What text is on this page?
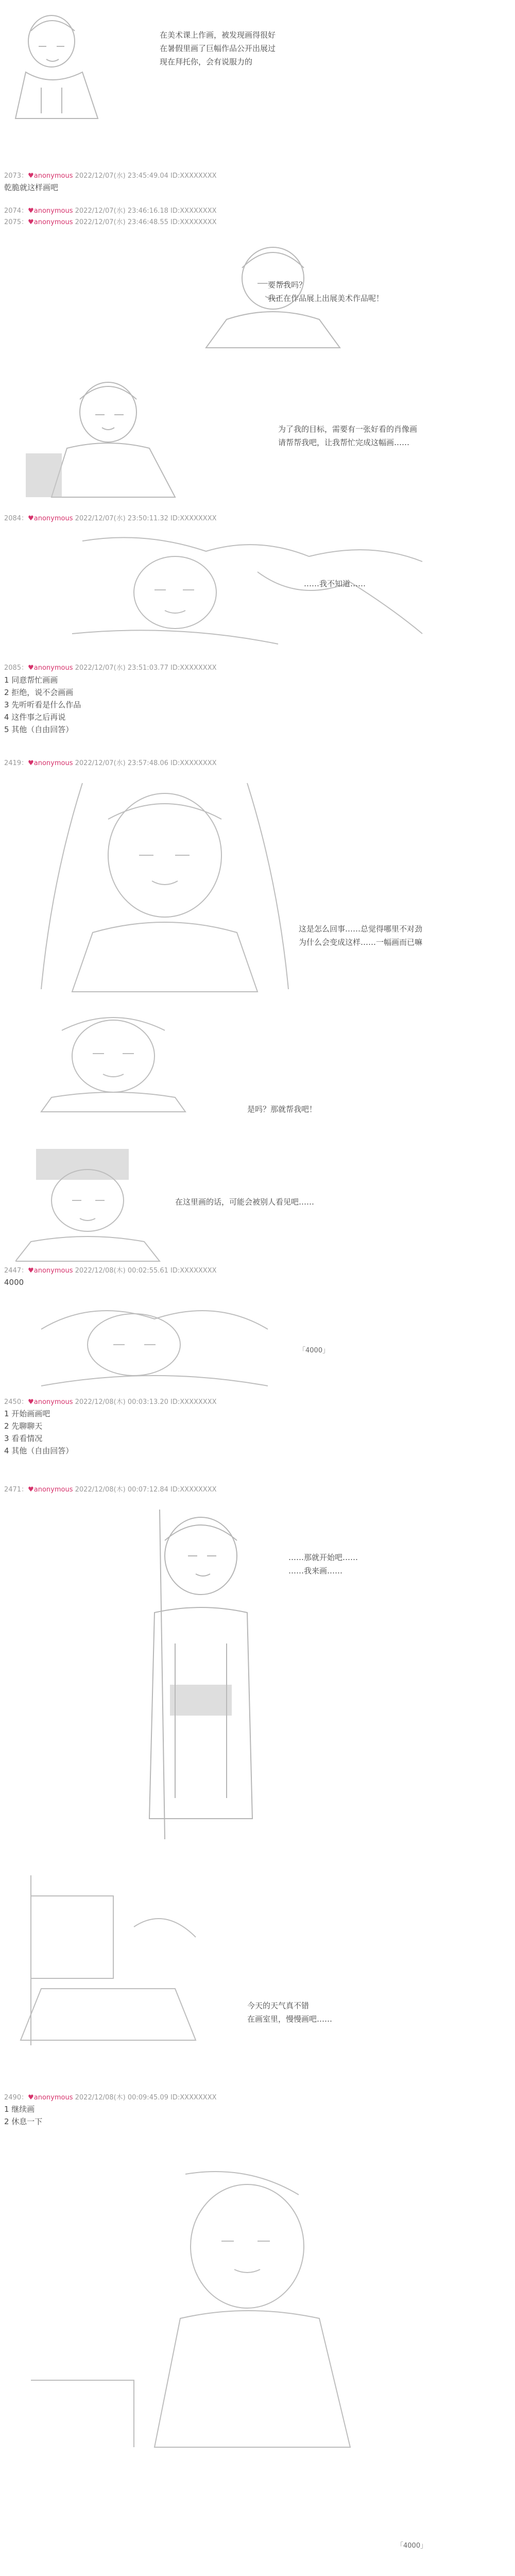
在美术课上作画，被发现画得很好
在暑假里画了巨幅作品公开出展过
现在拜托你，会有说服力的
2073：♥anonymous 2022/12/07(水) 23:45:49.04 ID:XXXXXXXX
乾脆就这样画吧
2074：♥anonymous 2022/12/07(水) 23:46:16.18 ID:XXXXXXXX
2075：♥anonymous 2022/12/07(水) 23:46:48.55 ID:XXXXXXXX
要帮我吗？
我正在作品展上出展美术作品呢！
为了我的目标，需要有一张好看的肖像画
请帮帮我吧，让我帮忙完成这幅画……
2084：♥anonymous 2022/12/07(水) 23:50:11.32 ID:XXXXXXXX
……我不知道……
2085：♥anonymous 2022/12/07(水) 23:51:03.77 ID:XXXXXXXX
1 同意帮忙画画
2 拒绝，说不会画画
3 先听听看是什么作品
4 这件事之后再说
5 其他（自由回答）
2419：♥anonymous 2022/12/07(水) 23:57:48.06 ID:XXXXXXXX
这是怎么回事……总觉得哪里不对劲
为什么会变成这样……一幅画而已嘛
是吗？那就帮我吧！
在这里画的话，可能会被别人看见吧……
2447：♥anonymous 2022/12/08(木) 00:02:55.61 ID:XXXXXXXX
4000
「4000」
2450：♥anonymous 2022/12/08(木) 00:03:13.20 ID:XXXXXXXX
1 开始画画吧
2 先聊聊天
3 看看情况
4 其他（自由回答）
2471：♥anonymous 2022/12/08(木) 00:07:12.84 ID:XXXXXXXX
……那就开始吧……
……我来画……
今天的天气真不错
在画室里，慢慢画吧……
2490：♥anonymous 2022/12/08(木) 00:09:45.09 ID:XXXXXXXX
1 继续画
2 休息一下
「4000」
